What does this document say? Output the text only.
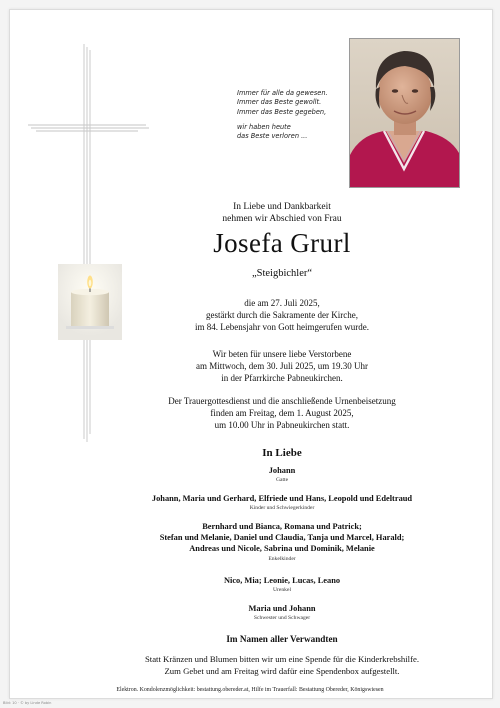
Immer für alle da gewesen.
Immer das Beste gewollt.
Immer das Beste gegeben,
wir haben heute
das Beste verloren ...
In Liebe und Dankbarkeit
nehmen wir Abschied von Frau
Josefa Grurl
„Steigbichler“
die am 27. Juli 2025,
gestärkt durch die Sakramente der Kirche,
im 84. Lebensjahr von Gott heimgerufen wurde.
Wir beten für unsere liebe Verstorbene
am Mittwoch, dem 30. Juli 2025, um 19.30 Uhr
in der Pfarrkirche Pabneukirchen.
Der Trauergottesdienst und die anschließende Urnenbeisetzung
finden am Freitag, dem 1. August 2025,
um 10.00 Uhr in Pabneukirchen statt.
In Liebe
Johann
Gatte
Johann, Maria und Gerhard, Elfriede und Hans, Leopold und Edeltraud
Kinder und Schwiegerkinder
Bernhard und Bianca, Romana und Patrick;
Stefan und Melanie, Daniel und Claudia, Tanja und Marcel, Harald;
Andreas und Nicole, Sabrina und Dominik, Melanie
Enkelkinder
Nico, Mia; Leonie, Lucas, Leano
Urenkel
Maria und Johann
Schwester und Schwager
Im Namen aller Verwandten
Statt Kränzen und Blumen bitten wir um eine Spende für die Kinderkrebshilfe.
Zum Gebet und am Freitag wird dafür eine Spendenbox aufgestellt.
Elektron. Kondolenzmöglichkeit: bestattung.obereder.at, Hilfe im Trauerfall: Bestattung Oberеder, Königswiesen
Bild: 10 · © by Linde Robin
